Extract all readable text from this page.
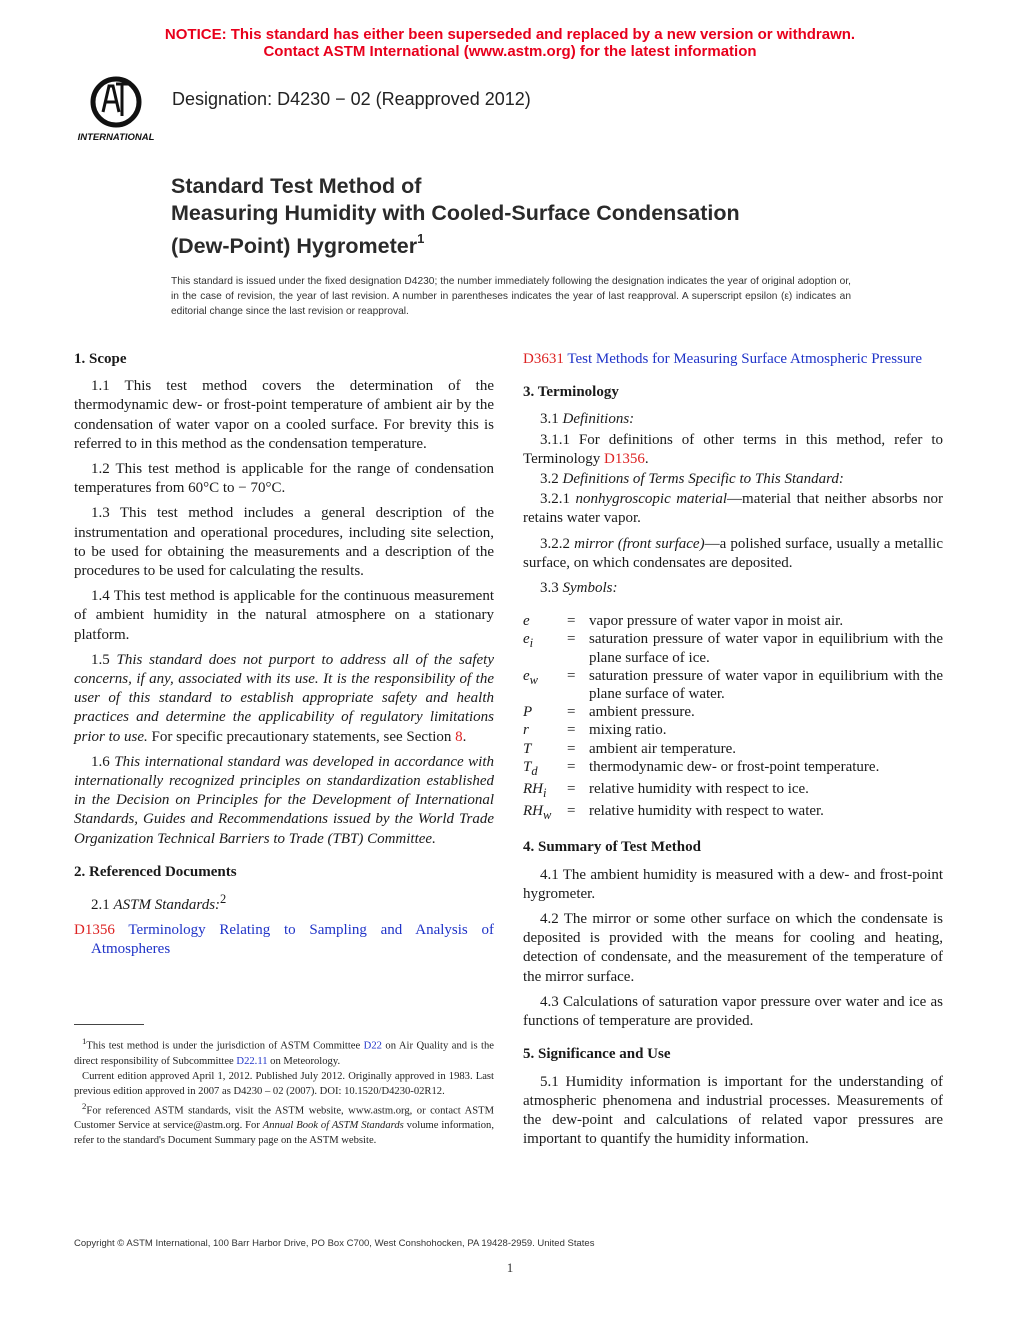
NOTICE: This standard has either been superseded and replaced by a new version or withdrawn.
Contact ASTM International (www.astm.org) for the latest information
INTERNATIONAL
Designation: D4230 − 02 (Reapproved 2012)
Standard Test Method of
Measuring Humidity with Cooled-Surface Condensation
(Dew-Point) Hygrometer$^1$
This standard is issued under the fixed designation D4230; the number immediately following the designation indicates the year of original adoption or, in the case of revision, the year of last revision. A number in parentheses indicates the year of last reapproval. A superscript epsilon (ε) indicates an editorial change since the last revision or reapproval.
1. Scope

1.1 This test method covers the determination of the thermodynamic dew- or frost-point temperature of ambient air by the condensation of water vapor on a cooled surface. For brevity this is referred to in this method as the condensation temperature.

1.2 This test method is applicable for the range of condensation temperatures from 60°C to − 70°C.

1.3 This test method includes a general description of the instrumentation and operational procedures, including site selection, to be used for obtaining the measurements and a description of the procedures to be used for calculating the results.

1.4 This test method is applicable for the continuous measurement of ambient humidity in the natural atmosphere on a stationary platform.

1.5 This standard does not purport to address all of the safety concerns, if any, associated with its use. It is the responsibility of the user of this standard to establish appropriate safety and health practices and determine the applicability of regulatory limitations prior to use. For specific precautionary statements, see Section 8.

1.6 This international standard was developed in accordance with internationally recognized principles on standardization established in the Decision on Principles for the Development of International Standards, Guides and Recommendations issued by the World Trade Organization Technical Barriers to Trade (TBT) Committee.

2. Referenced Documents

2.1 ASTM Standards:$^2$

D1356 Terminology Relating to Sampling and Analysis of Atmospheres

$^1$This test method is under the jurisdiction of ASTM Committee D22 on Air Quality and is the direct responsibility of Subcommittee D22.11 on Meteorology.

Current edition approved April 1, 2012. Published July 2012. Originally approved in 1983. Last previous edition approved in 2007 as D4230 – 02 (2007). DOI: 10.1520/D4230-02R12.

$^2$For referenced ASTM standards, visit the ASTM website, www.astm.org, or contact ASTM Customer Service at service@astm.org. For Annual Book of ASTM Standards volume information, refer to the standard's Document Summary page on the ASTM website.

D3631 Test Methods for Measuring Surface Atmospheric Pressure

3. Terminology

3.1 Definitions:

3.1.1 For definitions of other terms in this method, refer to Terminology D1356.

3.2 Definitions of Terms Specific to This Standard:

3.2.1 nonhygroscopic material—material that neither absorbs nor retains water vapor.

3.2.2 mirror (front surface)—a polished surface, usually a metallic surface, on which condensates are deposited.

3.3 Symbols:

e	= vapor pressure of water vapor in moist air.
$e_i$	= saturation pressure of water vapor in equilibrium with the plane surface of ice.
$e_w$	= saturation pressure of water vapor in equilibrium with the plane surface of water.
P	= ambient pressure.
r	= mixing ratio.
T	= ambient air temperature.
$T_d$	= thermodynamic dew- or frost-point temperature.
$RH_i$	= relative humidity with respect to ice.
$RH_w$	= relative humidity with respect to water.
4. Summary of Test Method

4.1 The ambient humidity is measured with a dew- and frost-point hygrometer.

4.2 The mirror or some other surface on which the condensate is deposited is provided with the means for cooling and heating, detection of condensate, and the measurement of the temperature of the mirror surface.

4.3 Calculations of saturation vapor pressure over water and ice as functions of temperature are provided.

5. Significance and Use

5.1 Humidity information is important for the understanding of atmospheric phenomena and industrial processes. Measurements of the dew-point and calculations of related vapor pressures are important to quantify the humidity information.

Copyright © ASTM International, 100 Barr Harbor Drive, PO Box C700, West Conshohocken, PA 19428-2959. United States
1
